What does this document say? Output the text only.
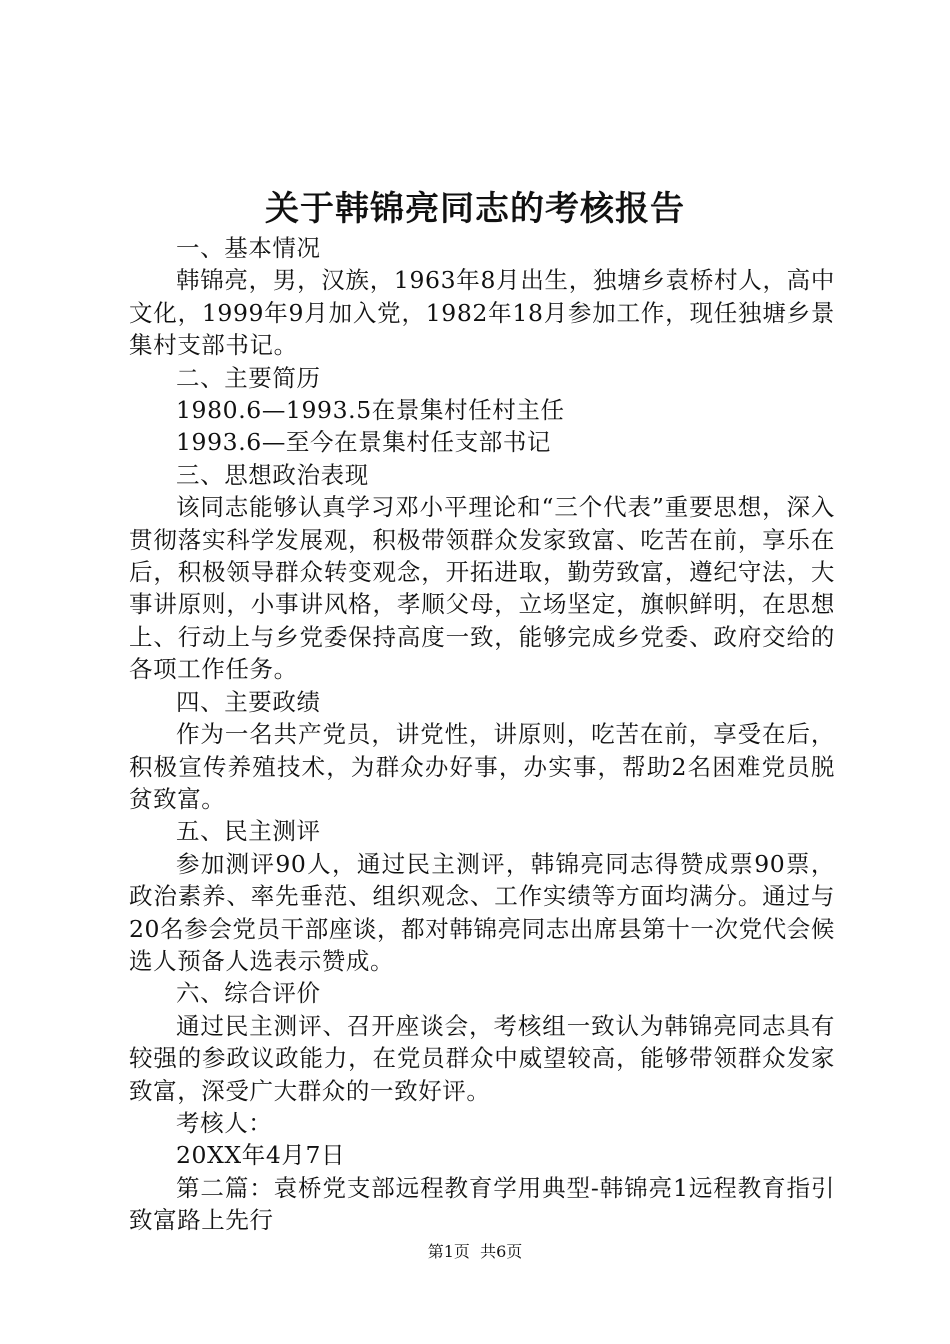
关于韩锦亮同志的考核报告

一、基本情况

韩锦亮，男，汉族，1963年8月出生，独塘乡袁桥村人，高中文化，1999年9月加入党，1982年18月参加工作，现任独塘乡景集村支部书记。

二、主要简历

1980.6—1993.5在景集村任村主任

1993.6—至今在景集村任支部书记

三、思想政治表现

该同志能够认真学习邓小平理论和“三个代表”重要思想，深入贯彻落实科学发展观，积极带领群众发家致富、吃苦在前，享乐在后，积极领导群众转变观念，开拓进取，勤劳致富，遵纪守法，大事讲原则，小事讲风格，孝顺父母，立场坚定，旗帜鲜明，在思想上、行动上与乡党委保持高度一致，能够完成乡党委、政府交给的各项工作任务。

四、主要政绩

作为一名共产党员，讲党性，讲原则，吃苦在前，享受在后，积极宣传养殖技术，为群众办好事，办实事，帮助2名困难党员脱贫致富。

五、民主测评

参加测评90人，通过民主测评，韩锦亮同志得赞成票90票，政治素养、率先垂范、组织观念、工作实绩等方面均满分。通过与20名参会党员干部座谈，都对韩锦亮同志出席县第十一次党代会候选人预备人选表示赞成。

六、综合评价

通过民主测评、召开座谈会，考核组一致认为韩锦亮同志具有较强的参政议政能力，在党员群众中威望较高，能够带领群众发家致富，深受广大群众的一致好评。

考核人：

20XX年4月7日

第二篇：袁桥党支部远程教育学用典型-韩锦亮1远程教育指引致富路上先行

第1页 共6页
